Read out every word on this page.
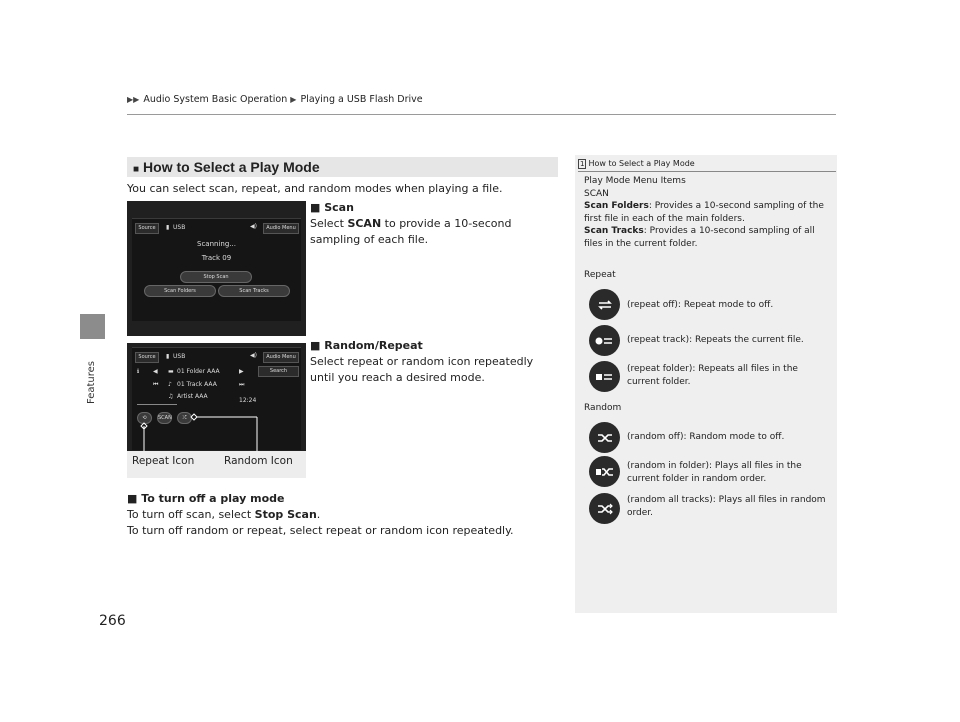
▶▶ Audio System Basic Operation ▶ Playing a USB Flash Drive
Features
266
■ How to Select a Play Mode
You can select scan, repeat, and random modes when playing a file.
Source	▮ USB	◀)	Audio Menu
Scanning...
Track 09
Stop Scan
Scan Folders	Scan Tracks
■ Scan
Select SCAN to provide a 10-second sampling of each file.
Source	▮ USB	◀)	Audio Menu
Search
ℹ ◀ ▬ 01 Folder AAA
⏮ ♪ 01 Track AAA
♫ Artist AAA
▶
⏭
12:24
⟲	SCAN	⤮
Repeat Icon	Random Icon
■ Random/Repeat
Select repeat or random icon repeatedly until you reach a desired mode.
■ To turn off a play mode
To turn off scan, select Stop Scan.
To turn off random or repeat, select repeat or random icon repeatedly.
1 How to Select a Play Mode
Play Mode Menu Items
SCAN
Scan Folders: Provides a 10-second sampling of the first file in each of the main folders.
Scan Tracks: Provides a 10-second sampling of all files in the current folder.
Repeat
(repeat off): Repeat mode to off.
(repeat track): Repeats the current file.
(repeat folder): Repeats all files in the current folder.
Random
(random off): Random mode to off.
(random in folder): Plays all files in the current folder in random order.
(random all tracks): Plays all files in random order.
